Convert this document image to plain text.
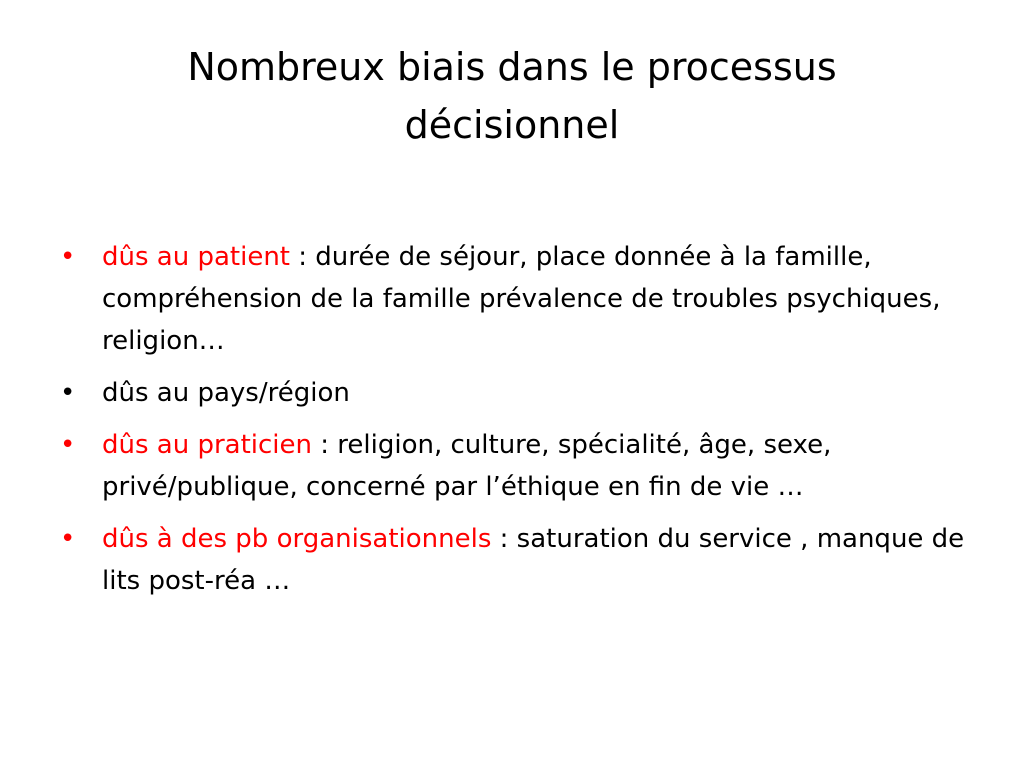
Nombreux biais dans le processus
décisionnel
• dûs au patient : durée de séjour, place donnée à la famille, compréhension de la famille prévalence de troubles psychiques, religion…
• dûs au pays/région
• dûs au praticien : religion, culture, spécialité, âge, sexe, privé/publique, concerné par l’éthique en fin de vie …
• dûs à des pb organisationnels : saturation du service , manque de lits post-réa …
